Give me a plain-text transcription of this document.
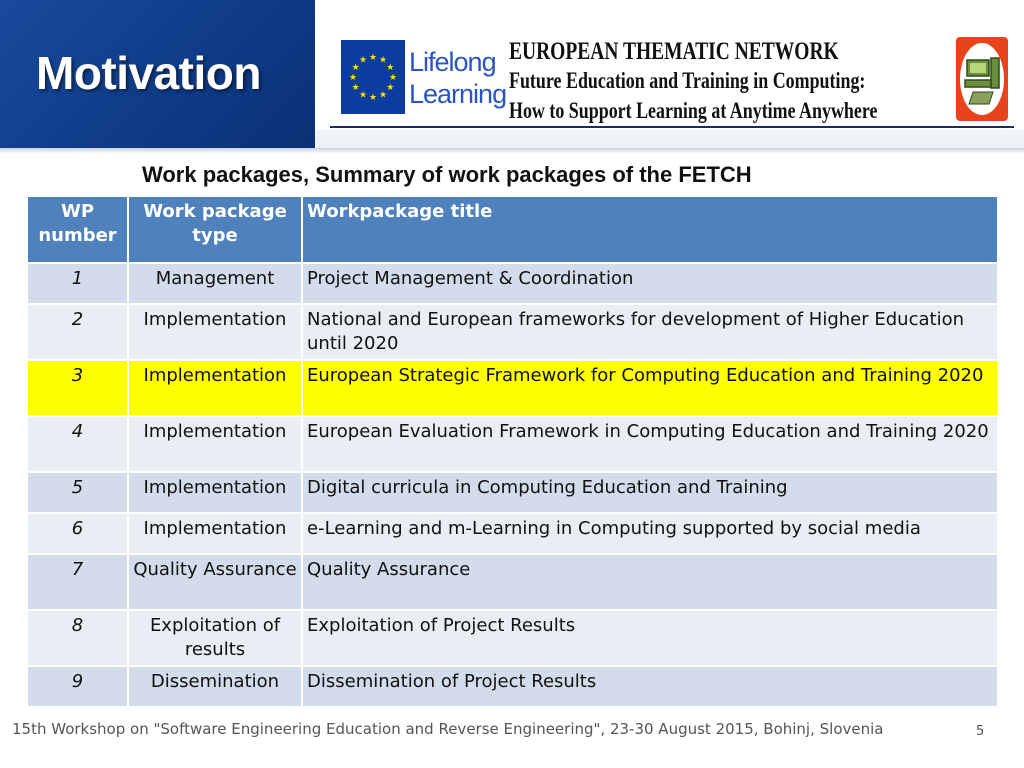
Motivation	★ ★
★
★
★
★
★
★
★
★
★
★ Lifelong
Learning
EUROPEAN THEMATIC NETWORK
Future Education and Training in Computing:
How to Support Learning at Anytime Anywhere
Work packages, Summary of work packages of the FETCH
WP number	Work package type	Workpackage title
1	Management	Project Management & Coordination
2	Implementation	National and European frameworks for development of Higher Education until 2020
3	Implementation	European Strategic Framework for Computing Education and Training 2020
4	Implementation	European Evaluation Framework in Computing Education and Training 2020
5	Implementation	Digital curricula in Computing Education and Training
6	Implementation	e-Learning and m-Learning in Computing supported by social media
7	Quality Assurance	Quality Assurance
8	Exploitation of results	Exploitation of Project Results
9	Dissemination	Dissemination of Project Results
15th Workshop on "Software Engineering Education and Reverse Engineering", 23-30 August 2015, Bohinj, Slovenia	5
